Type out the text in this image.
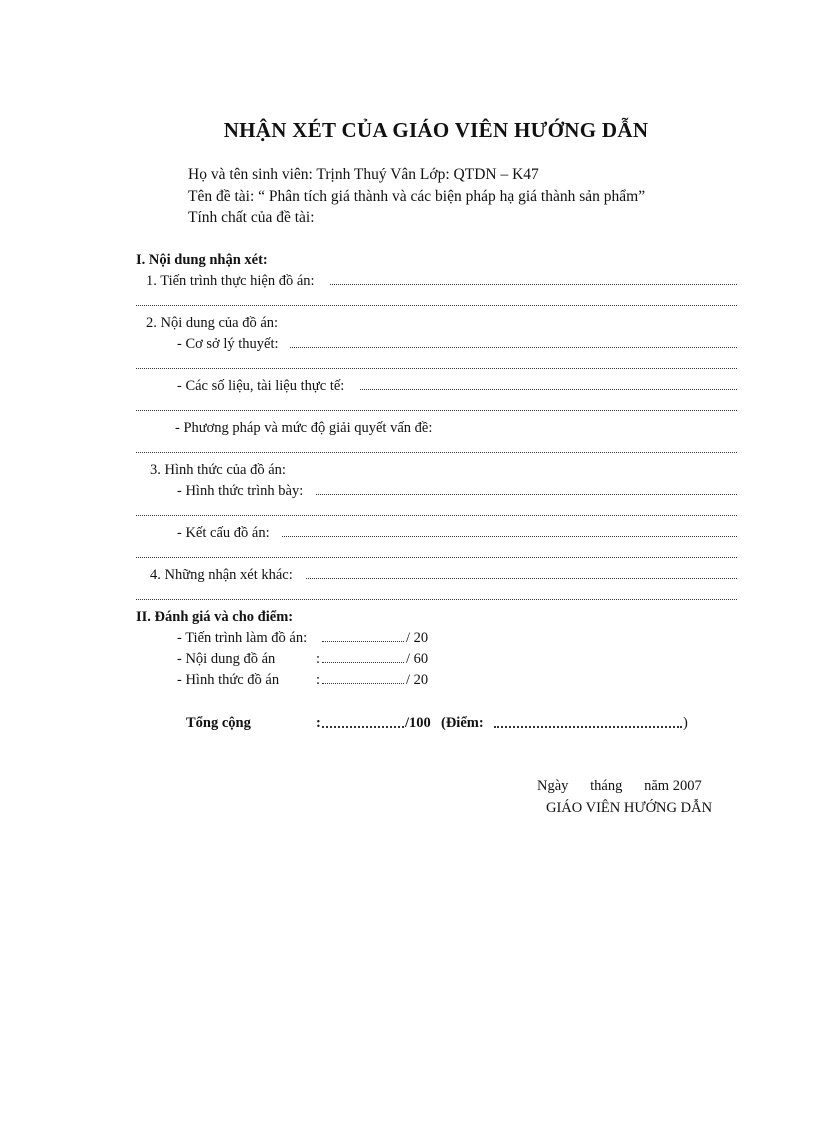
NHẬN XÉT CỦA GIÁO VIÊN HƯỚNG DẪN
Họ và tên sinh viên: Trịnh Thuý Vân Lớp: QTDN – K47
Tên đề tài: “ Phân tích giá thành và các biện pháp hạ giá thành sản phẩm”
Tính chất của đề tài:
I. Nội dung nhận xét:
1. Tiến trình thực hiện đồ án:
2. Nội dung của đồ án:
- Cơ sở lý thuyết:
- Các số liệu, tài liệu thực tế:
- Phương pháp và mức độ giải quyết vấn đề:
3. Hình thức của đồ án:
- Hình thức trình bày:
- Kết cấu đồ án:
4. Những nhận xét khác:
II. Đánh giá và cho điểm:
- Tiến trình làm đồ án:	/ 20
- Nội dung đồ án	:	/ 60
- Hình thức đồ án	:	/ 20
Tổng cộng	:	/100 (Điểm:	)
Ngày      tháng      năm 2007
GIÁO VIÊN HƯỚNG DẪN
